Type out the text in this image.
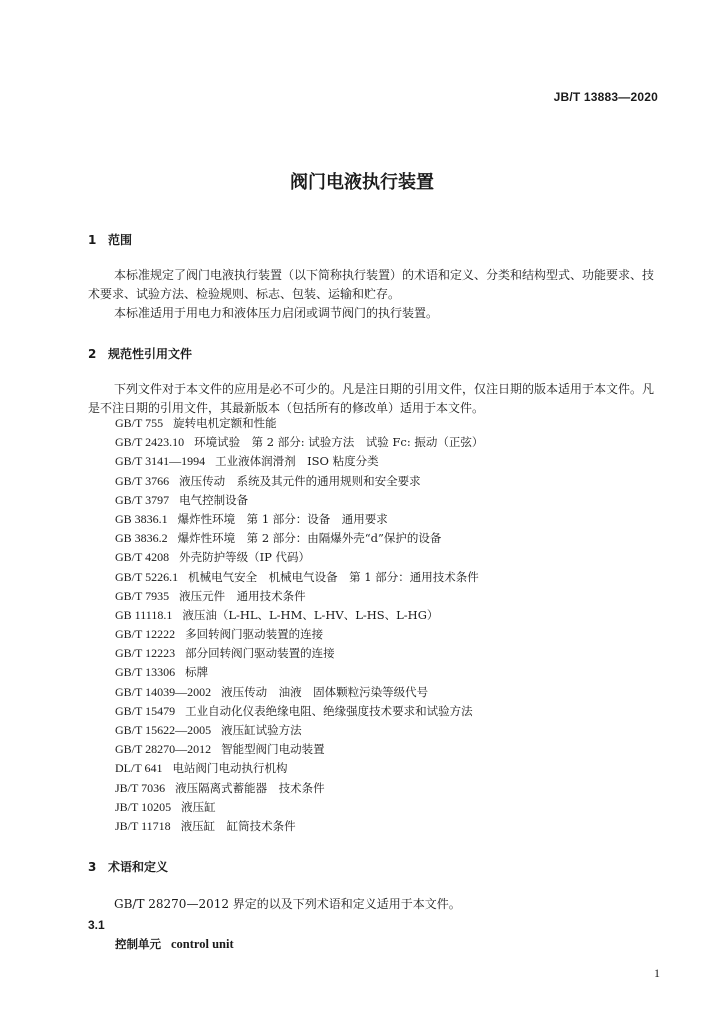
JB/T 13883—2020
阀门电液执行装置
1 范围
本标准规定了阀门电液执行装置（以下简称执行装置）的术语和定义、分类和结构型式、功能要求、技术要求、试验方法、检验规则、标志、包装、运输和贮存。
本标准适用于用电力和液体压力启闭或调节阀门的执行装置。
2 规范性引用文件
下列文件对于本文件的应用是必不可少的。凡是注日期的引用文件，仅注日期的版本适用于本文件。凡是不注日期的引用文件，其最新版本（包括所有的修改单）适用于本文件。
GB/T 755 旋转电机定额和性能
GB/T 2423.10 环境试验　第 2 部分: 试验方法　试验 Fc: 振动（正弦）
GB/T 3141—1994 工业液体润滑剂　ISO 粘度分类
GB/T 3766 液压传动　系统及其元件的通用规则和安全要求
GB/T 3797 电气控制设备
GB 3836.1 爆炸性环境　第 1 部分：设备　通用要求
GB 3836.2 爆炸性环境　第 2 部分：由隔爆外壳“d”保护的设备
GB/T 4208 外壳防护等级（IP 代码）
GB/T 5226.1 机械电气安全　机械电气设备　第 1 部分：通用技术条件
GB/T 7935 液压元件　通用技术条件
GB 11118.1 液压油（L-HL、L-HM、L-HV、L-HS、L-HG）
GB/T 12222 多回转阀门驱动装置的连接
GB/T 12223 部分回转阀门驱动装置的连接
GB/T 13306 标牌
GB/T 14039—2002 液压传动　油液　固体颗粒污染等级代号
GB/T 15479 工业自动化仪表绝缘电阻、绝缘强度技术要求和试验方法
GB/T 15622—2005 液压缸试验方法
GB/T 28270—2012 智能型阀门电动装置
DL/T 641 电站阀门电动执行机构
JB/T 7036 液压隔离式蓄能器　技术条件
JB/T 10205 液压缸
JB/T 11718 液压缸　缸筒技术条件
3 术语和定义
GB/T 28270—2012 界定的以及下列术语和定义适用于本文件。
3.1
控制单元 control unit
1
